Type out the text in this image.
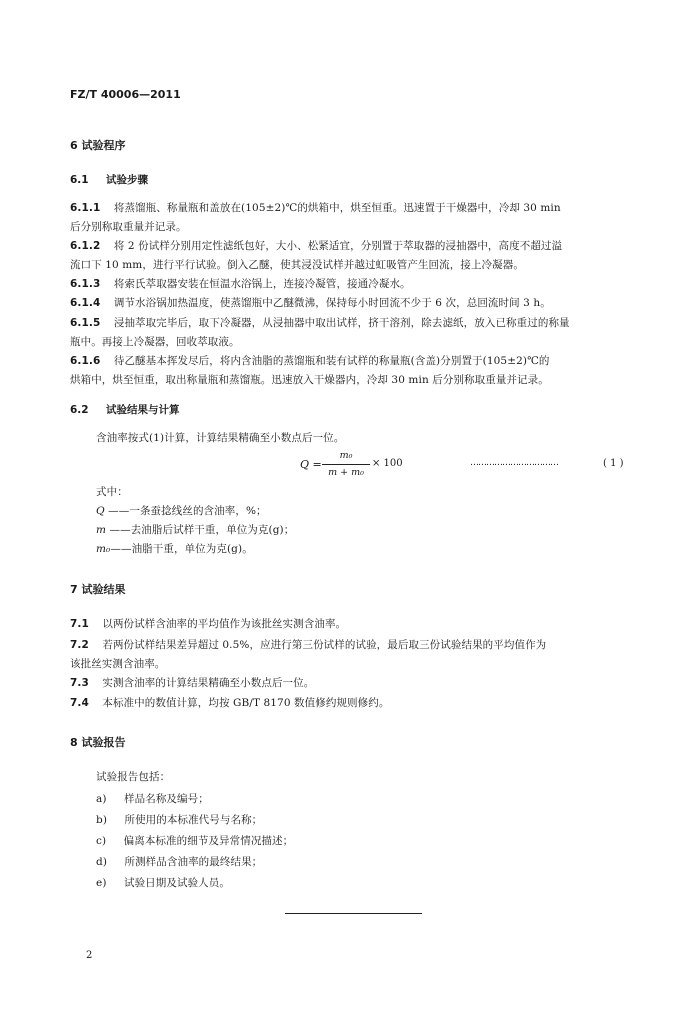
FZ/T 40006—2011
6 试验程序
6.1 试验步骤
6.1.1 将蒸馏瓶、称量瓶和盖放在(105±2)℃的烘箱中，烘至恒重。迅速置于干燥器中，冷却 30 min
后分别称取重量并记录。
6.1.2 将 2 份试样分别用定性滤纸包好，大小、松紧适宜，分别置于萃取器的浸抽器中，高度不超过溢
流口下 10 mm，进行平行试验。倒入乙醚，使其浸没试样并越过虹吸管产生回流，接上冷凝器。
6.1.3 将索氏萃取器安装在恒温水浴锅上，连接冷凝管，接通冷凝水。
6.1.4 调节水浴锅加热温度，使蒸馏瓶中乙醚微沸，保持每小时回流不少于 6 次，总回流时间 3 h。
6.1.5 浸抽萃取完毕后，取下冷凝器，从浸抽器中取出试样，挤干溶剂，除去滤纸，放入已称重过的称量
瓶中。再接上冷凝器，回收萃取液。
6.1.6 待乙醚基本挥发尽后，将内含油脂的蒸馏瓶和装有试样的称量瓶(含盖)分别置于(105±2)℃的
烘箱中，烘至恒重，取出称量瓶和蒸馏瓶。迅速放入干燥器内，冷却 30 min 后分别称取重量并记录。
6.2 试验结果与计算
含油率按式(1)计算，计算结果精确至小数点后一位。
Q =
m₀
m + m₀
× 100	……………………………	( 1 )
式中：
Q ——一条蚕捻线丝的含油率，%；
m ——去油脂后试样干重，单位为克(g)；
m₀——油脂干重，单位为克(g)。
7 试验结果
7.1 以两份试样含油率的平均值作为该批丝实测含油率。
7.2 若两份试样结果差异超过 0.5%，应进行第三份试样的试验，最后取三份试验结果的平均值作为
该批丝实测含油率。
7.3 实测含油率的计算结果精确至小数点后一位。
7.4 本标准中的数值计算，均按 GB/T 8170 数值修约规则修约。
8 试验报告
试验报告包括：
a) 样品名称及编号；
b) 所使用的本标准代号与名称；
c) 偏离本标准的细节及异常情况描述；
d) 所测样品含油率的最终结果；
e) 试验日期及试验人员。
2
